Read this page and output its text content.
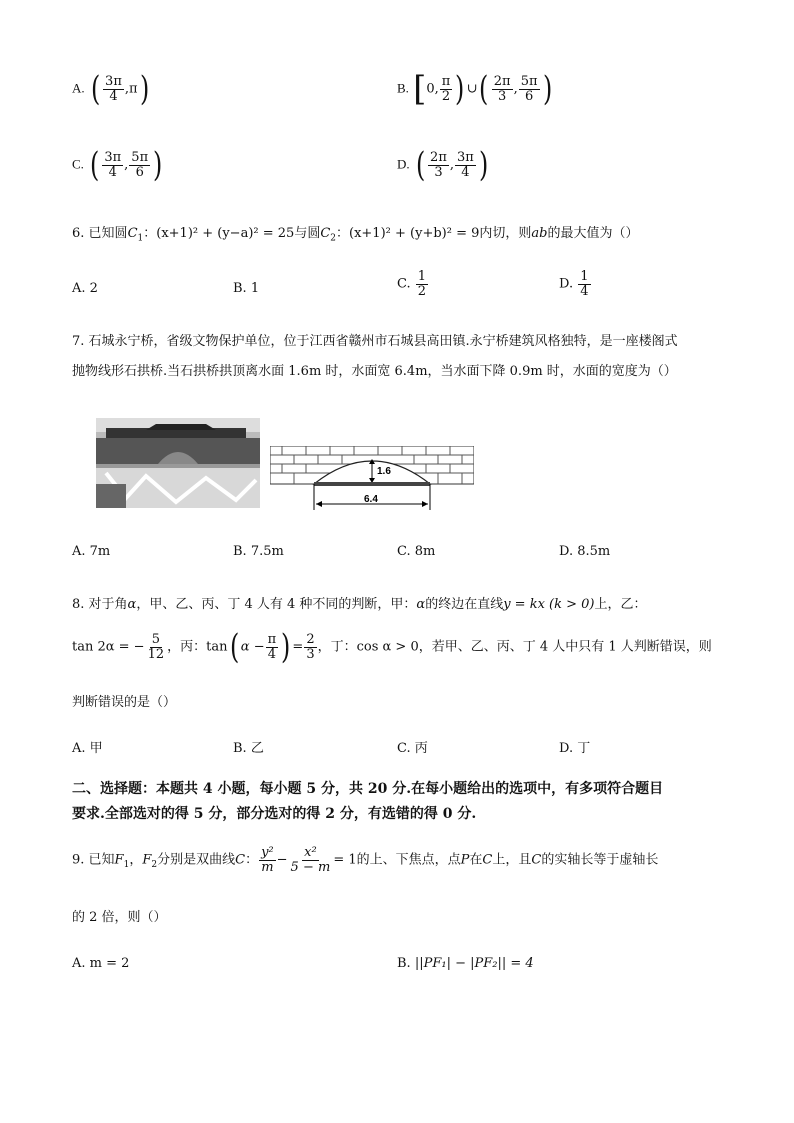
A. ( $\frac{3\pi}{4} ,\pi$)	B. [0, $\frac{\pi}{2}$ ) ∪( $\frac{2\pi}{3}$ , $\frac{5\pi}{6}$ )
C. ( $\frac{3\pi}{4}$ , $\frac{5\pi}{6}$ )	D. ( $\frac{2\pi}{3}$ , $\frac{3\pi}{4}$ )
6. 已知圆$C_1$：(x+1)² + (y−a)² = 25与圆$C_2$：(x+1)² + (y+b)² = 9内切，则ab的最大值为（）
A. 2	B. 1	C. $\frac{1}{2}$	D. $\frac{1}{4}$
7. 石城永宁桥，省级文物保护单位，位于江西省赣州市石城县高田镇.永宁桥建筑风格独特，是一座楼阁式
抛物线形石拱桥.当石拱桥拱顶离水面 1.6m 时，水面宽 6.4m，当水面下降 0.9m 时，水面的宽度为（）
1.6
6.4
A. 7m	B. 7.5m	C. 8m	D. 8.5m
8. 对于角α，甲、乙、丙、丁 4 人有 4 种不同的判断，甲：α的终边在直线y = kx (k > 0)上，乙：
tan 2α = − $\frac{5}{12}$ ，丙：tan( $\alpha - \frac{\pi}{4}$ ) = $\frac{2}{3}$ ，丁：cos α > 0，若甲、乙、丙、丁 4 人中只有 1 人判断错误，则
判断错误的是（）
A. 甲	B. 乙	C. 丙	D. 丁
二、选择题：本题共 4 小题，每小题 5 分，共 20 分.在每小题给出的选项中，有多项符合题目
要求.全部选对的得 5 分，部分选对的得 2 分，有选错的得 0 分.
9. 已知$F_1$，$F_2$分别是双曲线C： $\frac{\text{y²}}{m} - \frac{\text{x²}}{5 - m} = 1$的上、下焦点，点P在C上，且C的实轴长等于虚轴长
的 2 倍，则（）
A. m = 2	B. ||PF₁| − |PF₂|| = 4
